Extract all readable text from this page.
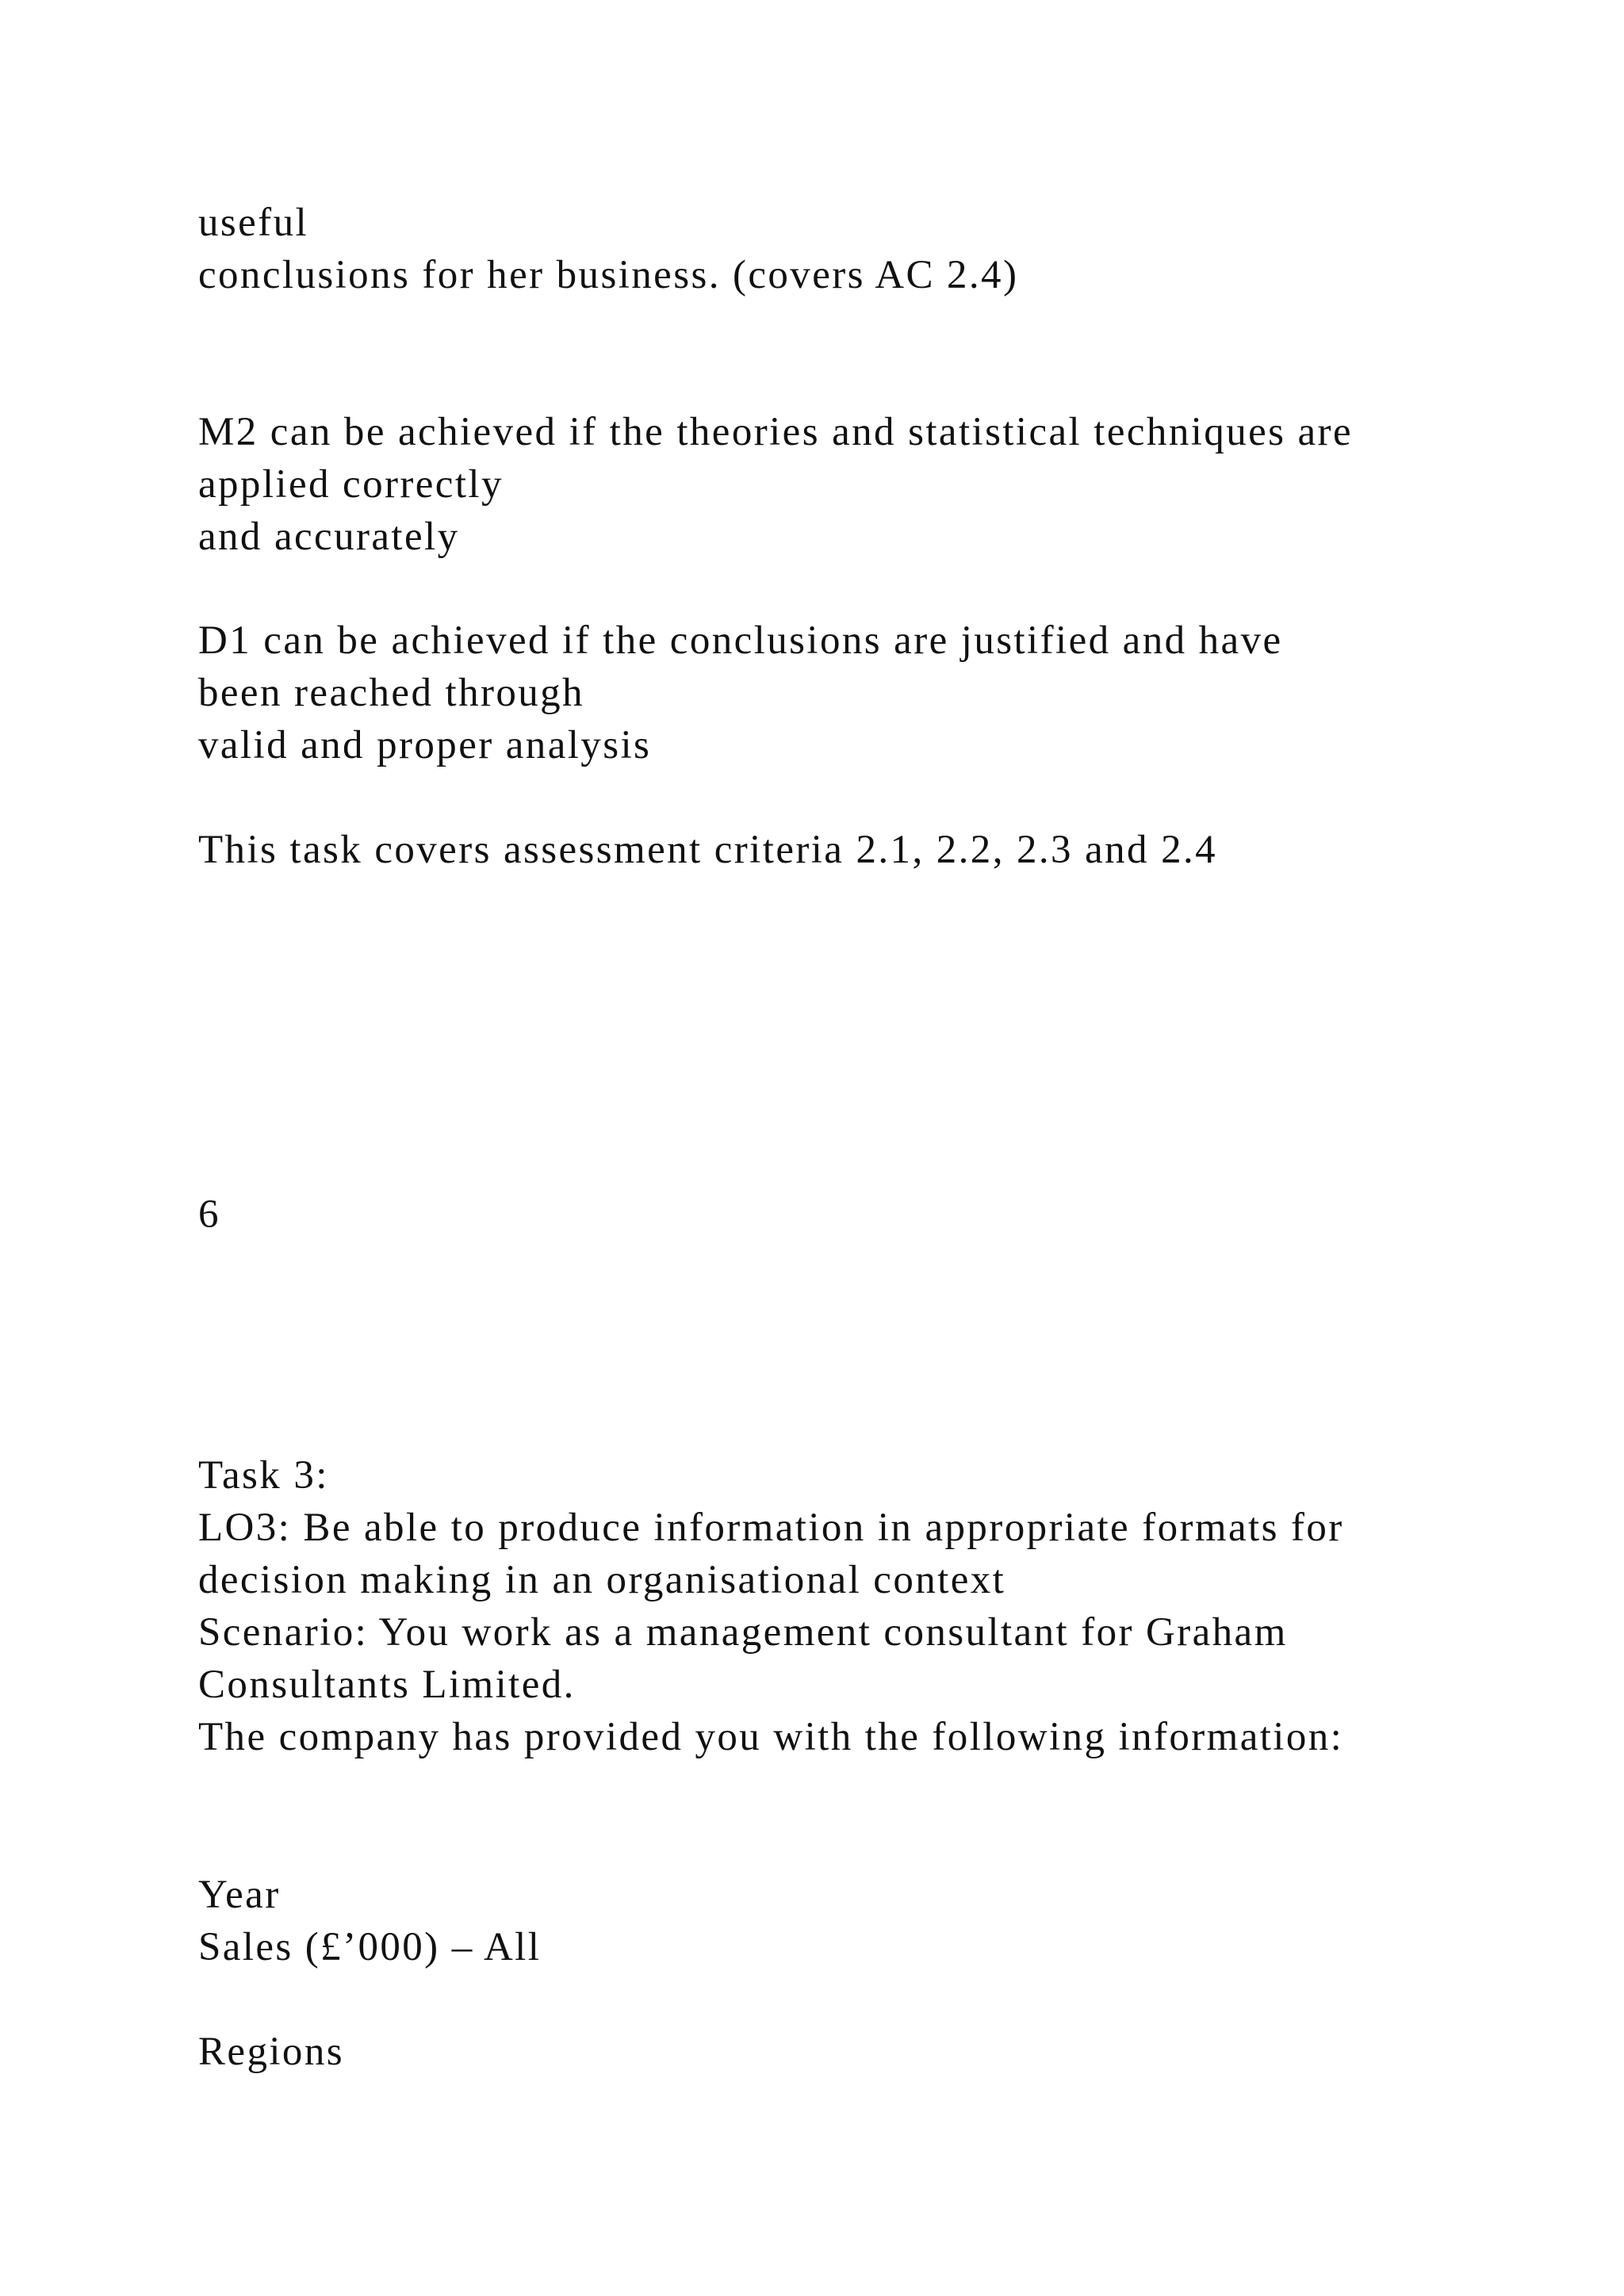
useful
conclusions for her business. (covers AC 2.4)
M2 can be achieved if the theories and statistical techniques are
applied correctly
and accurately
D1 can be achieved if the conclusions are justified and have
been reached through
valid and proper analysis
This task covers assessment criteria 2.1, 2.2, 2.3 and 2.4
6
Task 3:
LO3: Be able to produce information in appropriate formats for
decision making in an organisational context
Scenario: You work as a management consultant for Graham
Consultants Limited.
The company has provided you with the following information:
Year
Sales (£’000) – All
Regions
